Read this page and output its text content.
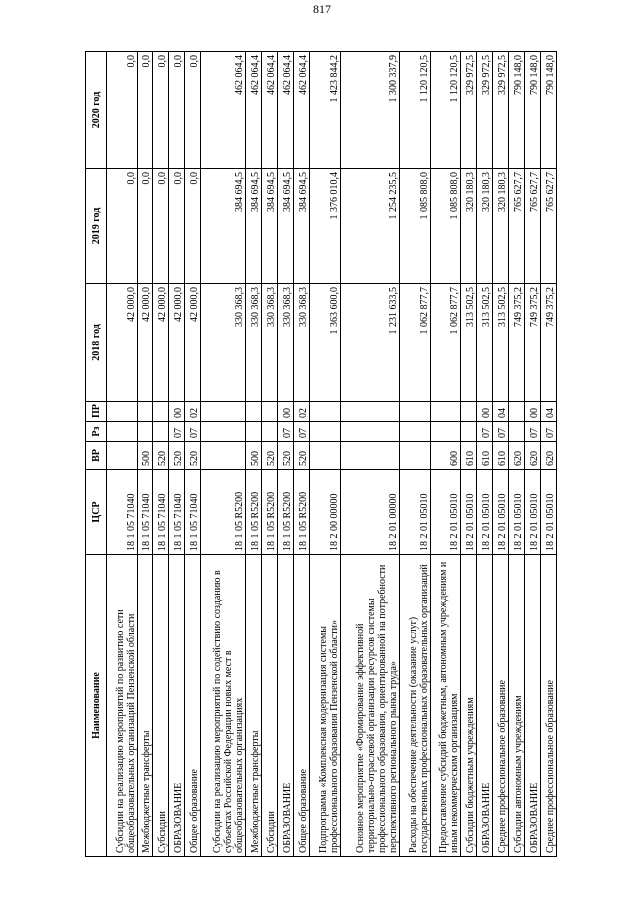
817
Наименование	ЦСР	ВР	Рз	ПР	2018 год	2019 год	2020 год
Субсидии на реализацию мероприятий по развитию сети общеобразовательных организаций Пензенской области	18 1 05 71040				42 000,0	0,0	0,0
Межбюджетные трансферты	18 1 05 71040	500			42 000,0	0,0	0,0
Субсидии	18 1 05 71040	520			42 000,0	0,0	0,0
ОБРАЗОВАНИЕ	18 1 05 71040	520	07	00	42 000,0	0,0	0,0
Общее образование	18 1 05 71040	520	07	02	42 000,0	0,0	0,0
Субсидии на реализацию мероприятий по содействию созданию в субъектах Российской Федерации новых мест в общеобразовательных организациях	18 1 05 R5200				330 368,3	384 694,5	462 064,4
Межбюджетные трансферты	18 1 05 R5200	500			330 368,3	384 694,5	462 064,4
Субсидии	18 1 05 R5200	520			330 368,3	384 694,5	462 064,4
ОБРАЗОВАНИЕ	18 1 05 R5200	520	07	00	330 368,3	384 694,5	462 064,4
Общее образование	18 1 05 R5200	520	07	02	330 368,3	384 694,5	462 064,4
Подпрограмма «Комплексная модернизация системы профессионального образования Пензенской области»	18 2 00 00000				1 363 600,0	1 376 010,4	1 423 844,2
Основное мероприятие «Формирование эффективной территориально-отраслевой организации ресурсов системы профессионального образования, ориентированной на потребности перспективного регионального рынка труда»	18 2 01 00000				1 231 633,5	1 254 235,5	1 300 337,9
Расходы на обеспечение деятельности (оказание услуг) государственных профессиональных образовательных организаций	18 2 01 05010				1 062 877,7	1 085 808,0	1 120 120,5
Предоставление субсидий бюджетным, автономным учреждениям и иным некоммерческим организациям	18 2 01 05010	600			1 062 877,7	1 085 808,0	1 120 120,5
Субсидии бюджетным учреждениям	18 2 01 05010	610			313 502,5	320 180,3	329 972,5
ОБРАЗОВАНИЕ	18 2 01 05010	610	07	00	313 502,5	320 180,3	329 972,5
Среднее профессиональное образование	18 2 01 05010	610	07	04	313 502,5	320 180,3	329 972,5
Субсидии автономным учреждениям	18 2 01 05010	620			749 375,2	765 627,7	790 148,0
ОБРАЗОВАНИЕ	18 2 01 05010	620	07	00	749 375,2	765 627,7	790 148,0
Среднее профессиональное образование	18 2 01 05010	620	07	04	749 375,2	765 627,7	790 148,0
